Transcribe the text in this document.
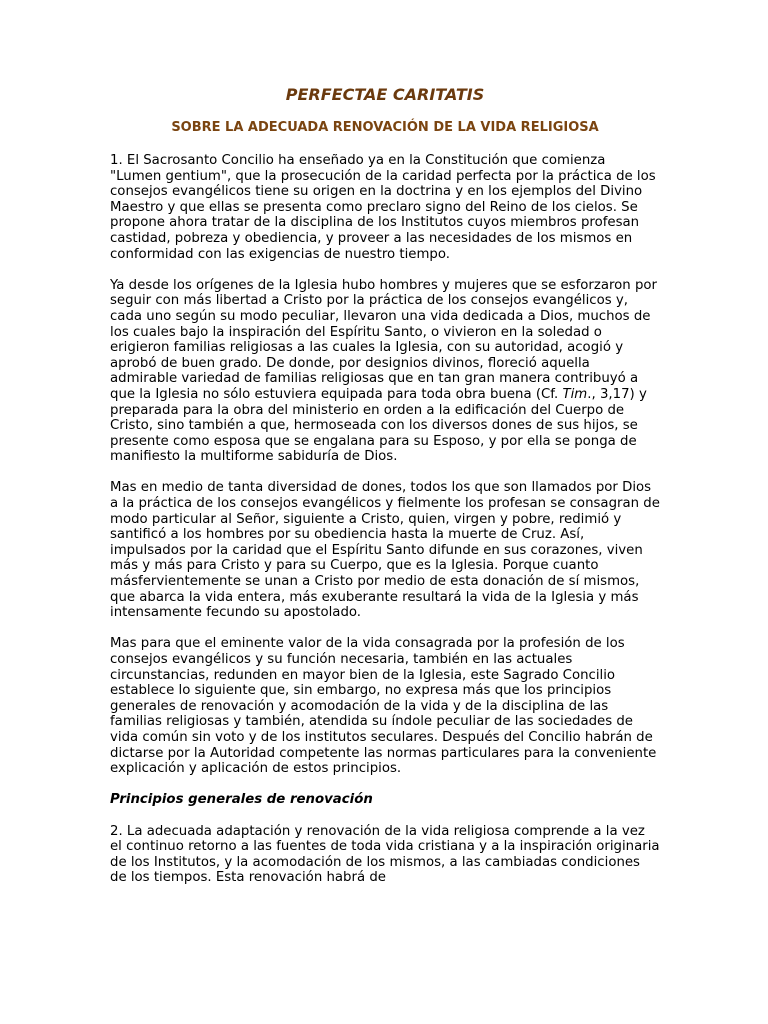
PERFECTAE CARITATIS
SOBRE LA ADECUADA RENOVACIÓN DE LA VIDA RELIGIOSA

1. El Sacrosanto Concilio ha enseñado ya en la Constitución que comienza "Lumen gentium", que la prosecución de la caridad perfecta por la práctica de los consejos evangélicos tiene su origen en la doctrina y en los ejemplos del Divino Maestro y que ellas se presenta como preclaro signo del Reino de los cielos. Se propone ahora tratar de la disciplina de los Institutos cuyos miembros profesan castidad, pobreza y obediencia, y proveer a las necesidades de los mismos en conformidad con las exigencias de nuestro tiempo.

Ya desde los orígenes de la Iglesia hubo hombres y mujeres que se esforzaron por seguir con más libertad a Cristo por la práctica de los consejos evangélicos y, cada uno según su modo peculiar, llevaron una vida dedicada a Dios, muchos de los cuales bajo la inspiración del Espíritu Santo, o vivieron en la soledad o erigieron familias religiosas a las cuales la Iglesia, con su autoridad, acogió y aprobó de buen grado. De donde, por designios divinos, floreció aquella admirable variedad de familias religiosas que en tan gran manera contribuyó a que la Iglesia no sólo estuviera equipada para toda obra buena (Cf. Tim., 3,17) y preparada para la obra del ministerio en orden a la edificación del Cuerpo de Cristo, sino también a que, hermoseada con los diversos dones de sus hijos, se presente como esposa que se engalana para su Esposo, y por ella se ponga de manifiesto la multiforme sabiduría de Dios.

Mas en medio de tanta diversidad de dones, todos los que son llamados por Dios a la práctica de los consejos evangélicos y fielmente los profesan se consagran de modo particular al Señor, siguiente a Cristo, quien, virgen y pobre, redimió y santificó a los hombres por su obediencia hasta la muerte de Cruz. Así, impulsados por la caridad que el Espíritu Santo difunde en sus corazones, viven más y más para Cristo y para su Cuerpo, que es la Iglesia. Porque cuanto másfervientemente se unan a Cristo por medio de esta donación de sí mismos, que abarca la vida entera, más exuberante resultará la vida de la Iglesia y más intensamente fecundo su apostolado.

Mas para que el eminente valor de la vida consagrada por la profesión de los consejos evangélicos y su función necesaria, también en las actuales circunstancias, redunden en mayor bien de la Iglesia, este Sagrado Concilio establece lo siguiente que, sin embargo, no expresa más que los principios generales de renovación y acomodación de la vida y de la disciplina de las familias religiosas y también, atendida su índole peculiar de las sociedades de vida común sin voto y de los institutos seculares. Después del Concilio habrán de dictarse por la Autoridad competente las normas particulares para la conveniente explicación y aplicación de estos principios.

Principios generales de renovación

2. La adecuada adaptación y renovación de la vida religiosa comprende a la vez el continuo retorno a las fuentes de toda vida cristiana y a la inspiración originaria de los Institutos, y la acomodación de los mismos, a las cambiadas condiciones de los tiempos. Esta renovación habrá de
